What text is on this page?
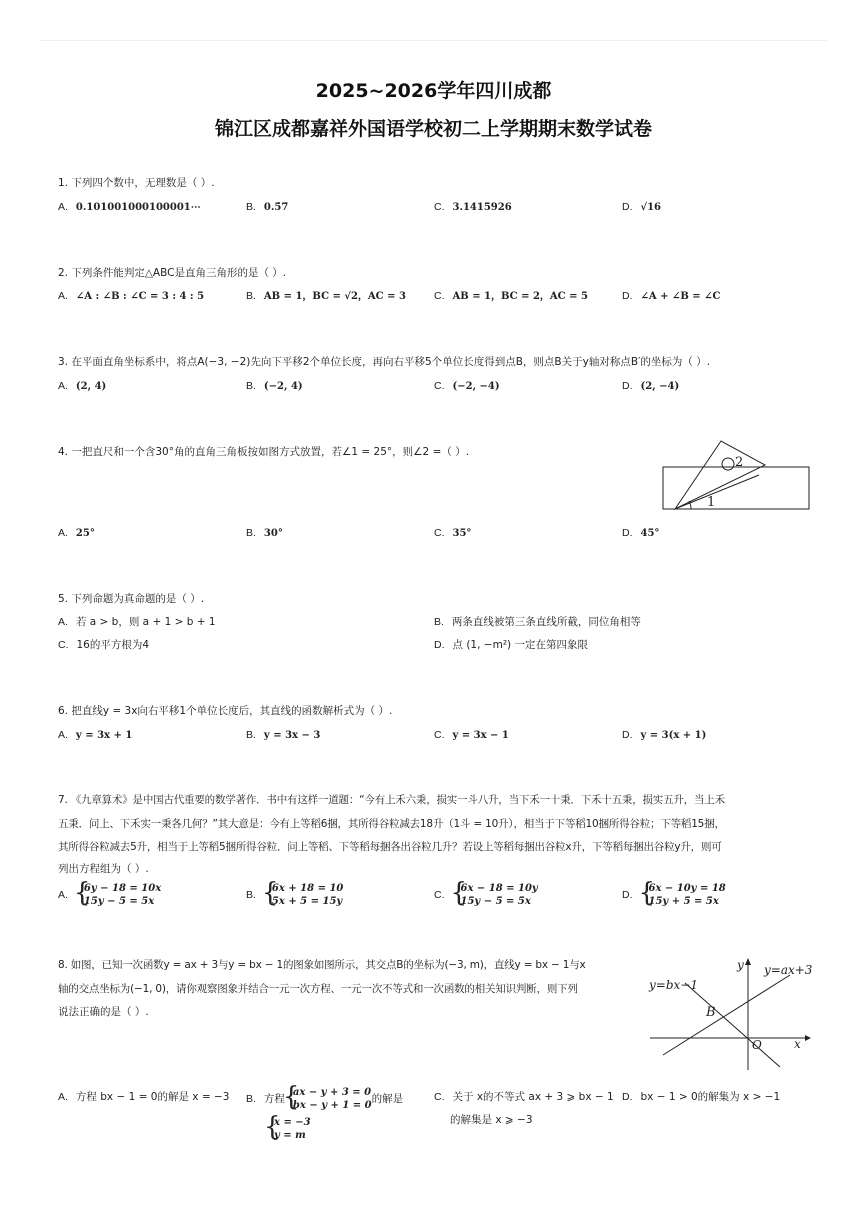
2025~2026学年四川成都
锦江区成都嘉祥外国语学校初二上学期期末数学试卷
1. 下列四个数中，无理数是（ ）.
A. 0.101001000100001⋯	B. 0.5̇7̇	C. 3.1415926	D. √16
2. 下列条件能判定△ABC是直角三角形的是（ ）.
A. ∠A : ∠B : ∠C = 3 : 4 : 5	B. AB = 1，BC = √2，AC = 3	C. AB = 1，BC = 2，AC = 5	D. ∠A + ∠B = ∠C
3. 在平面直角坐标系中，将点A(−3, −2)先向下平移2个单位长度，再向右平移5个单位长度得到点B，则点B关于y轴对称点B′的坐标为（ ）.
A. (2, 4)	B. (−2, 4)	C. (−2, −4)	D. (2, −4)
4. 一把直尺和一个含30°角的直角三角板按如图方式放置，若∠1 = 25°，则∠2 =（ ）.
1
2
A. 25°	B. 30°	C. 35°	D. 45°
5. 下列命题为真命题的是（ ）.
A. 若 a > b，则 a + 1 > b + 1	B. 两条直线被第三条直线所截，同位角相等
C. 16的平方根为4	D. 点 (1, −m²) 一定在第四象限
6. 把直线y = 3x向右平移1个单位长度后，其直线的函数解析式为（ ）.
A. y = 3x + 1	B. y = 3x − 3	C. y = 3x − 1	D. y = 3(x + 1)
7. 《九章算术》是中国古代重要的数学著作．书中有这样一道题：“今有上禾六秉，损实一斗八升，当下禾一十秉．下禾十五秉，损实五升，当上禾
五秉．问上、下禾实一秉各几何？”其大意是：今有上等稻6捆，其所得谷粒减去18升（1斗 = 10升），相当于下等稻10捆所得谷粒；下等稻15捆，
其所得谷粒减去5升，相当于上等稻5捆所得谷粒．问上等稻、下等稻每捆各出谷粒几升？若设上等稻每捆出谷粒x升，下等稻每捆出谷粒y升，则可
列出方程组为（ ）.
A.
{ 6y − 18 = 10x
15y − 5 = 5x
B.
{ 6x + 18 = 10
5x + 5 = 15y
C.
{ 6x − 18 = 10y
15y − 5 = 5x
D.
{ 6x − 10y = 18
15y + 5 = 5x
8. 如图，已知一次函数y = ax + 3与y = bx − 1的图象如图所示，其交点B的坐标为(−3, m)，直线y = bx − 1与x
轴的交点坐标为(−1, 0)，请你观察图象并结合一元一次方程、一元一次不等式和一次函数的相关知识判断，则下列
说法正确的是（ ）.
y
x
O
B
y=ax+3
y=bx−1
A. 方程 bx − 1 = 0的解是 x = −3 B. 方程
{ ax − y + 3 = 0
bx − y + 1 = 0
的解是
{ x = −3
y = m
C. 关于 x的不等式 ax + 3 ⩾ bx − 1
的解集是 x ⩾ −3
D. bx − 1 > 0的解集为 x > −1
